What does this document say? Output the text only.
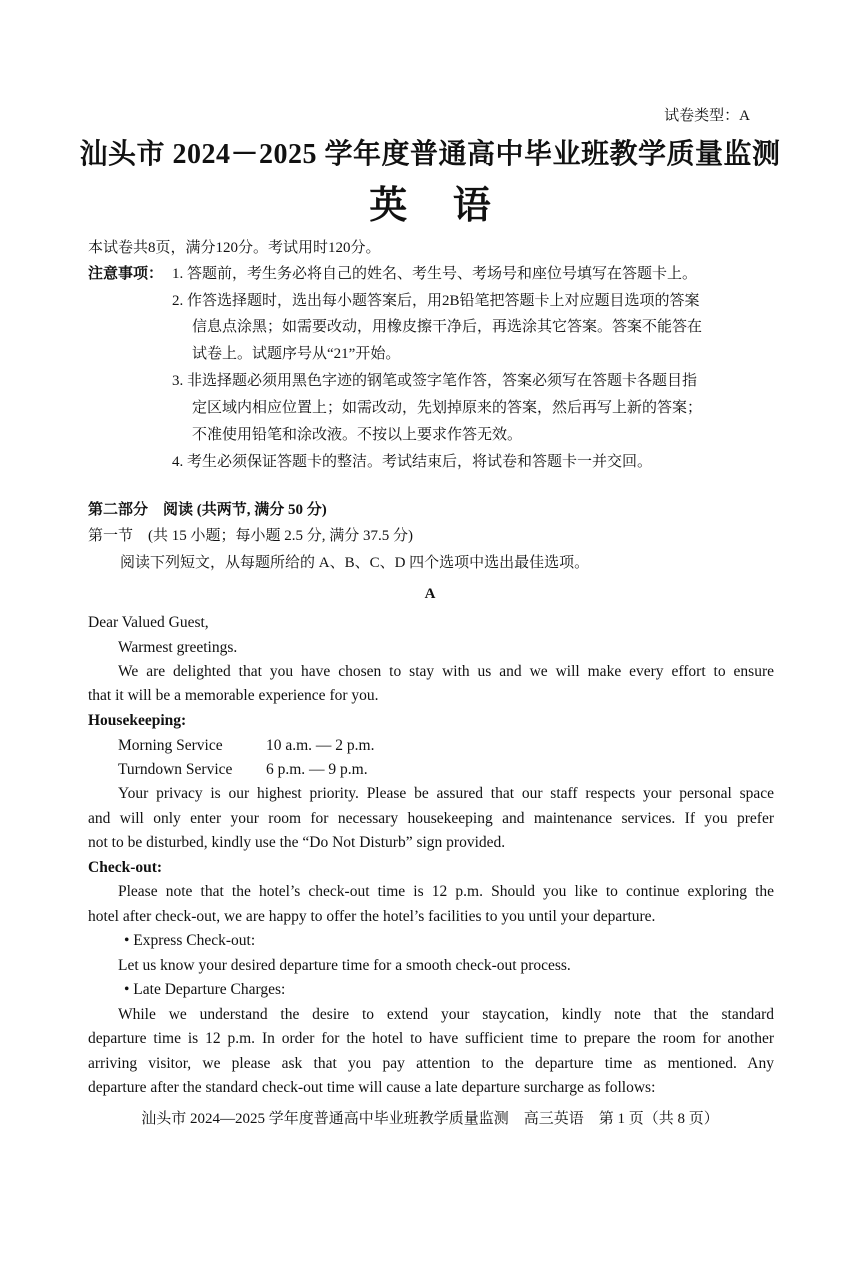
试卷类型：A
汕头市 2024－2025 学年度普通高中毕业班教学质量监测
英 语
本试卷共8页，满分120分。考试用时120分。
注意事项： 1. 答题前，考生务必将自己的姓名、考生号、考场号和座位号填写在答题卡上。
2. 作答选择题时，选出每小题答案后，用2B铅笔把答题卡上对应题目选项的答案
信息点涂黑；如需要改动，用橡皮擦干净后，再选涂其它答案。答案不能答在
试卷上。试题序号从“21”开始。
3. 非选择题必须用黑色字迹的钢笔或签字笔作答，答案必须写在答题卡各题目指
定区域内相应位置上；如需改动，先划掉原来的答案，然后再写上新的答案；
不准使用铅笔和涂改液。不按以上要求作答无效。
4. 考生必须保证答题卡的整洁。考试结束后，将试卷和答题卡一并交回。
第二部分　阅读 (共两节, 满分 50 分)
第一节　(共 15 小题；每小题 2.5 分, 满分 37.5 分)
阅读下列短文，从每题所给的 A、B、C、D 四个选项中选出最佳选项。
A
Dear Valued Guest,
Warmest greetings.
We are delighted that you have chosen to stay with us and we will make every effort to ensure
that it will be a memorable experience for you.
Housekeeping:
Morning Service	10 a.m. — 2 p.m.
Turndown Service 6 p.m. — 9 p.m.
Your privacy is our highest priority. Please be assured that our staff respects your personal space
and will only enter your room for necessary housekeeping and maintenance services. If you prefer
not to be disturbed, kindly use the “Do Not Disturb” sign provided.
Check-out:
Please note that the hotel’s check-out time is 12 p.m. Should you like to continue exploring the
hotel after check-out, we are happy to offer the hotel’s facilities to you until your departure.
• Express Check-out:
Let us know your desired departure time for a smooth check-out process.
• Late Departure Charges:
While we understand the desire to extend your staycation, kindly note that the standard
departure time is 12 p.m. In order for the hotel to have sufficient time to prepare the room for another
arriving visitor, we please ask that you pay attention to the departure time as mentioned. Any
departure after the standard check-out time will cause a late departure surcharge as follows:
汕头市 2024—2025 学年度普通高中毕业班教学质量监测　高三英语　第 1 页（共 8 页）
